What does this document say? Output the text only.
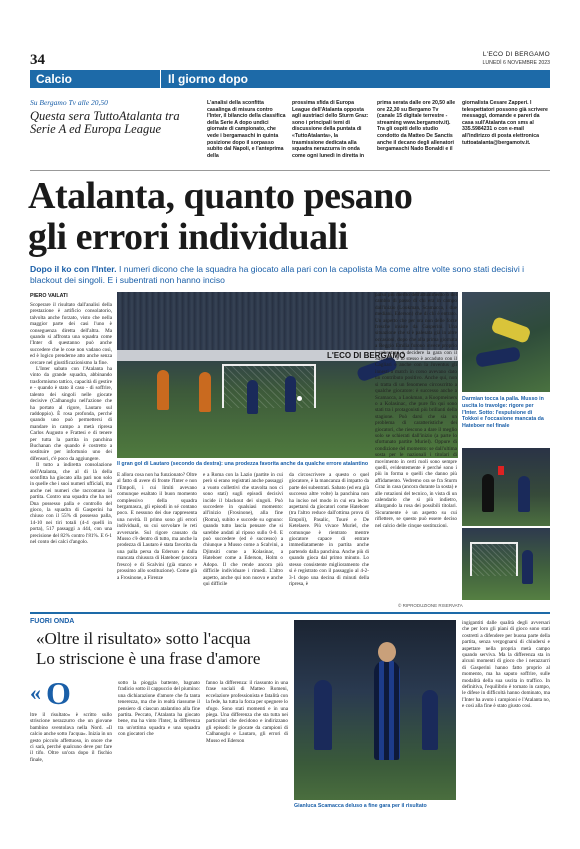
34	L'ECO DI BERGAMO
LUNEDÌ 6 NOVEMBRE 2023
Calcio	Il giorno dopo
Su Bergamo Tv alle 20,50
Questa sera TuttoAtalanta tra Serie A ed Europa League
L'analisi della sconfitta casalinga di misura contro l'Inter, il bilancio della classifica della Serie A dopo undici giornate di campionato, che vede i bergamaschi in quinta posizione dopo il sorpasso subito dal Napoli, e l'anteprima della
prossima sfida di Europa League dell'Atalanta opposta agli austriaci dello Sturm Graz: sono i principali temi di discussione della puntata di «TuttoAtalanta», la trasmissione dedicata alla squadra nerazzurra in onda come ogni lunedì in diretta in
prima serata dalle ore 20,50 alle ore 22,30 su Bergamo Tv (canale 15 digitale terrestre - streaming www.bergamotv.it). Tra gli ospiti dello studio condotto da Matteo De Sanctis anche il decano degli allenatori bergamaschi Nado Bonaldi e il
giornalista Cesare Zapperi. I telespettatori possono già scrivere messaggi, domande e pareri da casa sull'Atalanta con sms al 335.5984231 o con e-mail all'indirizzo di posta elettronica tuttoatalanta@bergamotv.it.
Atalanta, quanto pesano
gli errori individuali
Dopo il ko con l'Inter. I numeri dicono che la squadra ha giocato alla pari con la capolista Ma come altre volte sono stati decisivi i blackout dei singoli. E i subentrati non hanno inciso
PIERO VAILATI

Scoperare il risultato dall'analisi della prestazione è artificio consolatorio, talvolta anche forzato, visto che nella maggior parte dei casi l'uno è conseguenza diretta dell'altra. Ma quando si affronta una squadra come l'Inter di questanno può anche succedere che le cose non vadano così, ed è logico prenderne atto anche senza cercare nel giustificazionismo la fine.

L'Inter sabato con l'Atalanta ha vinto da grande squadra, abbinando trasformismo tattico, capacità di gestire e - quando è stato il caso - di soffrire, talento dei singoli nelle giocate decisive (Calhanoglu nell'azione che ha portato al rigore, Lautaro sul raddoppio). È rosa profonda, perché quando uno può permettersi di mandare in campo a metà ripresa Carlos Augusto e Frattesi e di tenere per tutta la partita in panchina Buchanan che quando è costretto a sostituire per infortunio uno dei difensori, c'è poco da aggiungere.

Il tutto a indiretta consolazione dell'Atalanta, che al di là della sconfitta ha giocato alla pari non solo in quelle che i suoi numeri ufficiali, ma anche nei numeri che raccontano la partita. Contro una squadra che ha nel Dna possesso palla e controllo del gioco, la squadra di Gasperini ha chiuso con il 55% di possesso palla, 14-10 nei tiri totali (4-4 quelli in porta), 517 passaggi a 444, con una precisione del 82% contro l'81%. E 6-1 nel conto dei calci d'angolo.

L'ECO DI BERGAMO
Il gran gol di Lautaro (secondo da destra): una prodezza favorita anche da qualche errore atalantino
Darmian tocca la palla. Musso in uscita lo travolge: rigore per l'Inter. Sotto: l'espulsione di Tokkoi e l'occasione mancata da Hateboer nel finale
E allora cosa non ha funzionato? Oltre al fatto di avere di fronte l'Inter e non l'Empoli, i cui limiti avevano comunque esaltato il buon momento complessivo della squadra bergamasca, gli episodi in sé contano poco. E nessuno dei due rappresenta una novità. Il primo sono gli errori individuali, su cui sorvolare le reti avversarie. Sul rigore causato da Musso c'è dentro di tutto, ma anche la prodezza di Lautaro è stata favorita da una palla persa da Ederson e dalla mancata chiusura di Hateboer (ancora fresco) e di Scalvini (già stanco e prossimo allo sostituzione). Come già a Frosinone, a Firenze
e a Roma con la Lazio (partite in cui però si erano registrati anche passaggi a vuoto collettivi che stavolta non ci sono stati) sugli episodi decisivi incide il blackout dei singoli. Può succedere in qualsiasi momento: all'inizio (Frosinone), alla fine (Roma), subito e succede su ognuno: quando tutto lascia pensare che si sarebbe andati al riposo sullo 0-0. E può succedere (ed è successo) a chiunque a Musso come a Scalvini, a Djimsiti come a Kolasinac, a Hateboer come a Ederson, Holm o Adopo. Il che rende ancora più difficile individuare i rimedi. L'altro aspetto, anche qui non nuovo e anche qui difficile
da circoscrivere a questo o quel giocatore, è la mancanza di impatto da parte dei subentrati. Sabato (ed era già successo altre volte) la panchina non ha inciso nel modo in cui era lecito aspettarsi da giocatori come Hateboer (tra l'altro reduce dall'ottima prova di Empoli), Pasalic, Touré e De Ketelaere. Più vivace Muriel, che comunque è rientrato mentre giocatore capace di entrare immediatamente in partita anche partendo dalla panchina. Anche più di quando gioca dal primo minuto. Lo stesso consistente miglioramento che si è registrato con il passaggio al 4-2-3-1 dopo una decina di minuti della ripresa, è
parso più merito dell'attualmento o del cambio di passo di chi era in campo dall'inizio (Lookman, Scamacca, i due mediani, Ederson) che di chi è entrato. Un aspetto che per ora non delle forze fresche insiste da Gasperini. Una situazione che si è palesata già in altre occasioni, dopo che alla prima giornata a Reggio Emilia furono invece proprio i subentrati a decidere la gara con il Sassuolo, e lo stesso è accaduto con il Cagliari e anche con la Juventus gli innesti a match in corso avevano dato un contributo positivo. Anche qui, non si tratta di un fenomeno circoscritto a qualche giocatore: è successo anche a Scamacca, a Lookman, a Koopmeiners o a Kolasinac, che pure fin qui sono stati tra i protagonisti più brillanti della stagione. Può darsi che sia un problema di caratteristiche dei giocatori, che riescono a dare il meglio solo se schierati dall'inizio (a parte lo sfortunato partite Muriel). Oppure di condizione del momento: se dall'ultima sosta per le nazionali i titolari di movimento in certi ruoli sono sempre quelli, evidentemente è perché sono i più in forma o quelli che danno più affidamento. Vedremo ora se fra Sturm Graz in casa (ancora durante la sosta) e alle rotazioni del tecnico, in vista di un calendario che sì più indietro, allargando la rosa dei possibili titolari. Sicuramente è un aspetto su cui riflettere, se questo può essere deciso nel calcio delle cinque sostituzioni.
© RIPRODUZIONE RISERVATA
FUORI ONDA
«Oltre il risultato» sotto l'acqua
Lo striscione è una frase d'amore
« O
ltre il risultato» è scritto sullo striscione nerazzurro che un giovane bambino sventolava nella Nord. «Il calcio anche sotto l'acqua». Inizia in un gesto piccolo affettuoso, in onore che ci sarà, perché qualcuno deve pur fare il tifo. Oltre un'ora dopo il fischio finale,
sotto la pioggia battente, bagnato fradicio sotto il cappuccio del piumino: una dichiarazione d'amore che fa tanta tenerezza, ma che in realtà riassume il pensiero di ciascun atalantino alla fine partita. Peccato, l'Atalanta ha giocato bene, ma ha vinto l'Inter, la differenza tra un'ottima squadra e una squadra con giocatori che
fanno la differenza: il riassunto in una frase sociali di Matteo Romeni, eccelaziore professionista e fatalità con la fede, ha tutta la forza per spegnere lo sfogo. Sono stati momenti e in una piega. Una differenza che sta tutta nei particolari che decidono e indirizzano gli episodi: le giocate da campioni di Calhanoglu e Lautaro, gli errori di Musso ed Ederson
Gianluca Scamacca deluso a fine gara per il risultato
ingigantiti dalle qualità degli avversari che per loro gli piani di gioco sono stati costretti a difendere per buona parte della partita, senza vergognarsi di chiudersi e aspettare nella propria metà campo quando serviva. Ma la differenza sta in alcuni momenti di gioco che i nerazzurri di Gasperini hanno fatto proprio al momento, ma ha saputo soffrire, sulle modalità della sua uscita in traffico. In definitiva, l'equilibrio è tornato in campo, le difese in difficoltà hanno dominato, ma l'Inter ha avuto i campioni e l'Atalanta no, e così alla fine è stato giusto così.
